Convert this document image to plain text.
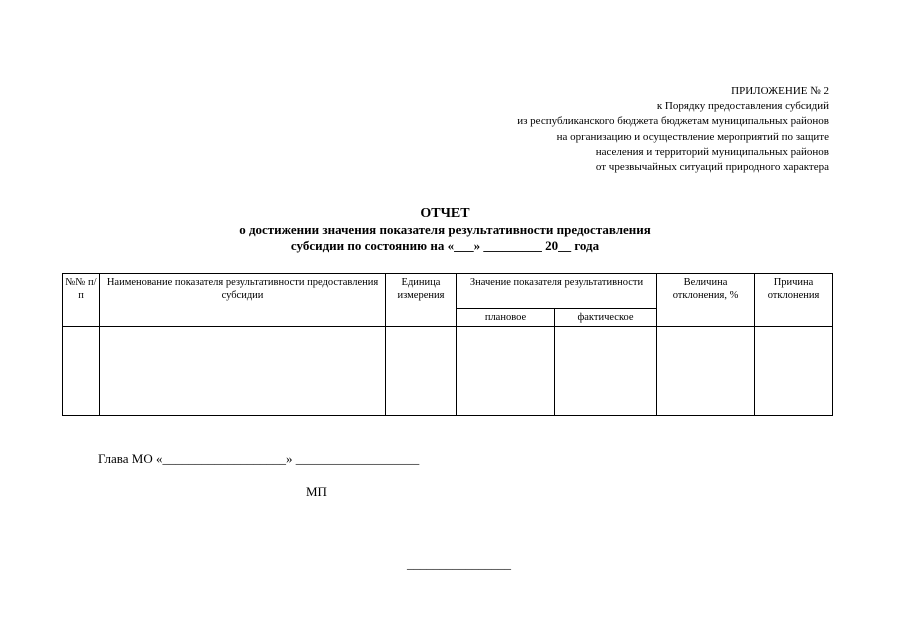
ПРИЛОЖЕНИЕ № 2
к Порядку предоставления субсидий
из республиканского бюджета бюджетам муниципальных районов
на организацию и осуществление мероприятий по защите
населения и территорий муниципальных районов
от чрезвычайных ситуаций природного характера
ОТЧЕТ
о достижении значения показателя результативности предоставления
субсидии по состоянию на «___» _________ 20__ года
№№ п/п	Наименование показателя результативности предоставления субсидии	Единица измерения	Значение показателя результативности		Величина отклонения, %	Причина отклонения
			плановое	фактическое		

Глава МО «___________________» ___________________
МП
________________
